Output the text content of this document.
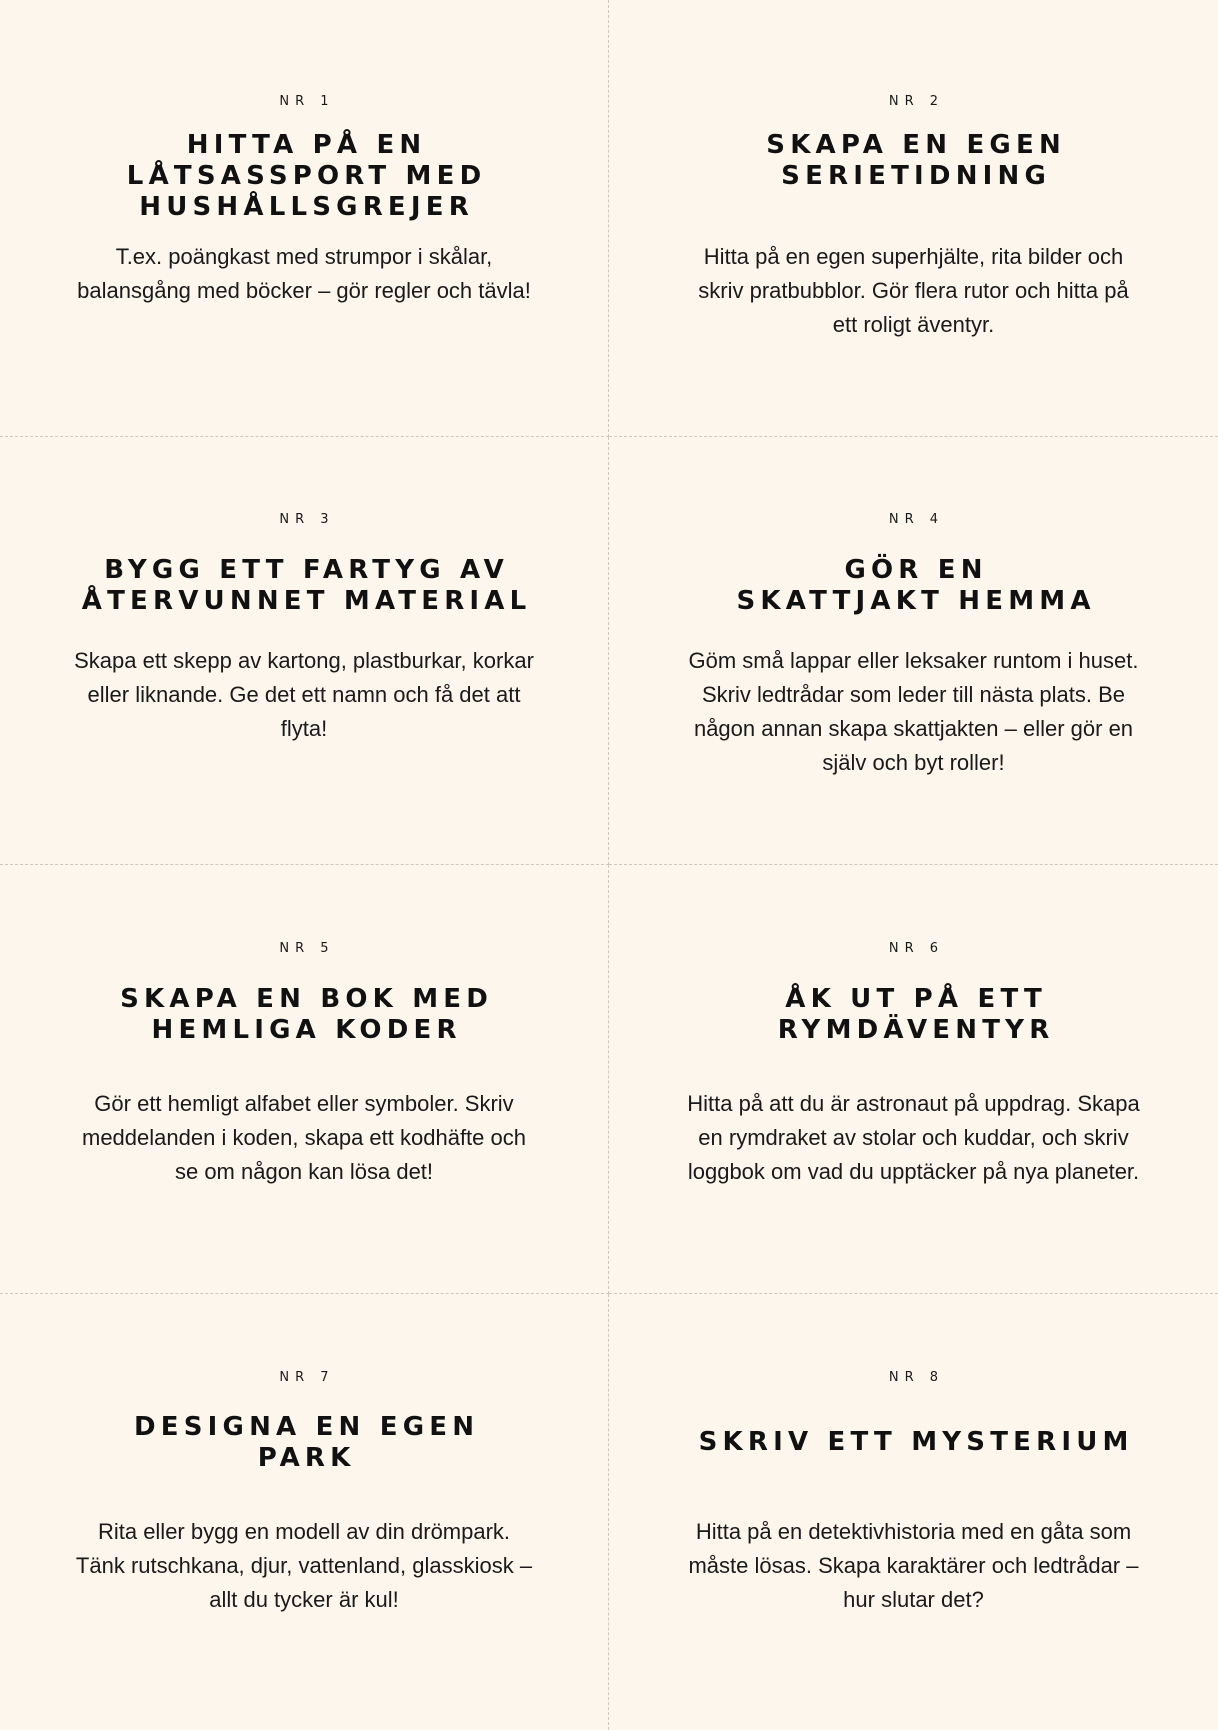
NR 1
HITTA PÅ EN
LÅTSASSPORT MED
HUSHÅLLSGREJER
T.ex. poängkast med strumpor i skålar,
balansgång med böcker – gör regler och tävla!
NR 2
SKAPA EN EGEN
SERIETIDNING
Hitta på en egen superhjälte, rita bilder och
skriv pratbubblor. Gör flera rutor och hitta på
ett roligt äventyr.
NR 3
BYGG ETT FARTYG AV
ÅTERVUNNET MATERIAL
Skapa ett skepp av kartong, plastburkar, korkar
eller liknande. Ge det ett namn och få det att
flyta!
NR 4
GÖR EN
SKATTJAKT HEMMA
Göm små lappar eller leksaker runtom i huset.
Skriv ledtrådar som leder till nästa plats. Be
någon annan skapa skattjakten – eller gör en
själv och byt roller!
NR 5
SKAPA EN BOK MED
HEMLIGA KODER
Gör ett hemligt alfabet eller symboler. Skriv
meddelanden i koden, skapa ett kodhäfte och
se om någon kan lösa det!
NR 6
ÅK UT PÅ ETT
RYMDÄVENTYR
Hitta på att du är astronaut på uppdrag. Skapa
en rymdraket av stolar och kuddar, och skriv
loggbok om vad du upptäcker på nya planeter.
NR 7
DESIGNA EN EGEN
PARK
Rita eller bygg en modell av din drömpark.
Tänk rutschkana, djur, vattenland, glasskiosk –
allt du tycker är kul!
NR 8
SKRIV ETT MYSTERIUM
Hitta på en detektivhistoria med en gåta som
måste lösas. Skapa karaktärer och ledtrådar –
hur slutar det?
